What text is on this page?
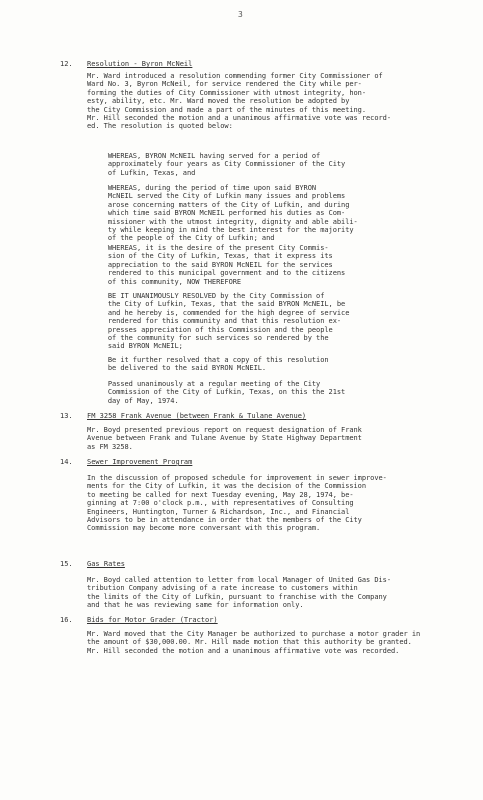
3
12. Resolution - Byron McNeil
Mr. Ward introduced a resolution commending former City Commissioner of
Ward No. 3, Byron McNeil, for service rendered the City while per-
forming the duties of City Commissioner with utmost integrity, hon-
esty, ability, etc. Mr. Ward moved the resolution be adopted by
the City Commission and made a part of the minutes of this meeting.
Mr. Hill seconded the motion and a unanimous affirmative vote was record-
ed. The resolution is quoted below:
WHEREAS, BYRON McNEIL having served for a period of
approximately four years as City Commissioner of the City
of Lufkin, Texas, and
WHEREAS, during the period of time upon said BYRON
McNEIL served the City of Lufkin many issues and problems
arose concerning matters of the City of Lufkin, and during
which time said BYRON McNEIL performed his duties as Com-
missioner with the utmost integrity, dignity and able abili-
ty while keeping in mind the best interest for the majority
of the people of the City of Lufkin; and
WHEREAS, it is the desire of the present City Commis-
sion of the City of Lufkin, Texas, that it express its
appreciation to the said BYRON McNEIL for the services
rendered to this municipal government and to the citizens
of this community, NOW THEREFORE
BE IT UNANIMOUSLY RESOLVED by the City Commission of
the City of Lufkin, Texas, that the said BYRON McNEIL, be
and he hereby is, commended for the high degree of service
rendered for this community and that this resolution ex-
presses appreciation of this Commission and the people
of the community for such services so rendered by the
said BYRON McNEIL;
Be it further resolved that a copy of this resolution
be delivered to the said BYRON McNEIL.
Passed unanimously at a regular meeting of the City
Commission of the City of Lufkin, Texas, on this the 21st
day of May, 1974.
13. FM 3258 Frank Avenue (between Frank & Tulane Avenue)
Mr. Boyd presented previous report on request designation of Frank
Avenue between Frank and Tulane Avenue by State Highway Department
as FM 3258.
14. Sewer Improvement Program
In the discussion of proposed schedule for improvement in sewer improve-
ments for the City of Lufkin, it was the decision of the Commission
to meeting be called for next Tuesday evening, May 28, 1974, be-
ginning at 7:00 o'clock p.m., with representatives of Consulting
Engineers, Huntington, Turner & Richardson, Inc., and Financial
Advisors to be in attendance in order that the members of the City
Commission may become more conversant with this program.
15. Gas Rates
Mr. Boyd called attention to letter from local Manager of United Gas Dis-
tribution Company advising of a rate increase to customers within
the limits of the City of Lufkin, pursuant to franchise with the Company
and that he was reviewing same for information only.
16. Bids for Motor Grader (Tractor)
Mr. Ward moved that the City Manager be authorized to purchase a motor grader in
the amount of $30,000.00. Mr. Hill made motion that this authority be granted.
Mr. Hill seconded the motion and a unanimous affirmative vote was recorded.
